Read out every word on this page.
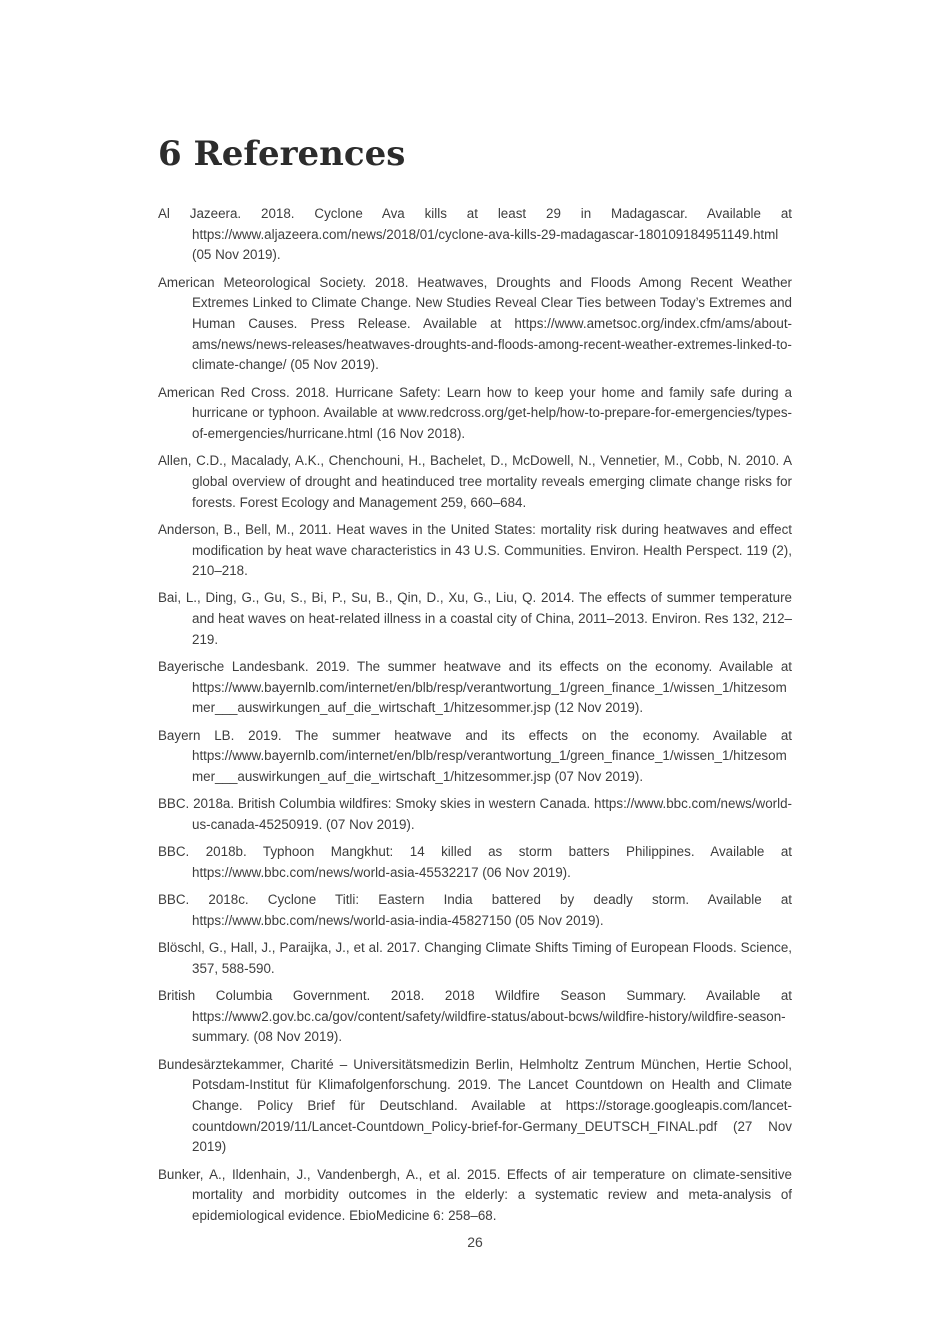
6 References
Al Jazeera. 2018. Cyclone Ava kills at least 29 in Madagascar. Available at https://www.aljazeera.com/news/2018/01/cyclone-ava-kills-29-madagascar-180109184951149.html (05 Nov 2019).
American Meteorological Society. 2018. Heatwaves, Droughts and Floods Among Recent Weather Extremes Linked to Climate Change. New Studies Reveal Clear Ties between Today’s Extremes and Human Causes. Press Release. Available at https://www.ametsoc.org/index.cfm/ams/about-ams/news/news-releases/heatwaves-droughts-and-floods-among-recent-weather-extremes-linked-to-climate-change/ (05 Nov 2019).
American Red Cross. 2018. Hurricane Safety: Learn how to keep your home and family safe during a hurricane or typhoon. Available at www.redcross.org/get-help/how-to-prepare-for-emergencies/types-of-emergencies/hurricane.html (16 Nov 2018).
Allen, C.D., Macalady, A.K., Chenchouni, H., Bachelet, D., McDowell, N., Vennetier, M., Cobb, N. 2010. A global overview of drought and heatinduced tree mortality reveals emerging climate change risks for forests. Forest Ecology and Management 259, 660–684.
Anderson, B., Bell, M., 2011. Heat waves in the United States: mortality risk during heatwaves and effect modification by heat wave characteristics in 43 U.S. Communities. Environ. Health Perspect. 119 (2), 210–218.
Bai, L., Ding, G., Gu, S., Bi, P., Su, B., Qin, D., Xu, G., Liu, Q. 2014. The effects of summer temperature and heat waves on heat-related illness in a coastal city of China, 2011–2013. Environ. Res 132, 212–219.
Bayerische Landesbank. 2019. The summer heatwave and its effects on the economy. Available at https://www.bayernlb.com/internet/en/blb/resp/verantwortung_1/green_finance_1/wissen_1/hitzesommer___auswirkungen_auf_die_wirtschaft_1/hitzesommer.jsp (12 Nov 2019).
Bayern LB. 2019. The summer heatwave and its effects on the economy. Available at https://www.bayernlb.com/internet/en/blb/resp/verantwortung_1/green_finance_1/wissen_1/hitzesommer___auswirkungen_auf_die_wirtschaft_1/hitzesommer.jsp (07 Nov 2019).
BBC. 2018a. British Columbia wildfires: Smoky skies in western Canada. https://www.bbc.com/news/world-us-canada-45250919. (07 Nov 2019).
BBC. 2018b. Typhoon Mangkhut: 14 killed as storm batters Philippines. Available at https://www.bbc.com/news/world-asia-45532217 (06 Nov 2019).
BBC. 2018c. Cyclone Titli: Eastern India battered by deadly storm. Available at https://www.bbc.com/news/world-asia-india-45827150 (05 Nov 2019).
Blöschl, G., Hall, J., Paraijka, J., et al. 2017. Changing Climate Shifts Timing of European Floods. Science, 357, 588-590.
British Columbia Government. 2018. 2018 Wildfire Season Summary. Available at https://www2.gov.bc.ca/gov/content/safety/wildfire-status/about-bcws/wildfire-history/wildfire-season-summary. (08 Nov 2019).
Bundesärztekammer, Charité – Universitätsmedizin Berlin, Helmholtz Zentrum München, Hertie School, Potsdam-Institut für Klimafolgenforschung. 2019. The Lancet Countdown on Health and Climate Change. Policy Brief für Deutschland. Available at https://storage.googleapis.com/lancet-countdown/2019/11/Lancet-Countdown_Policy-brief-for-Germany_DEUTSCH_FINAL.pdf (27 Nov 2019)
Bunker, A., Ildenhain, J., Vandenbergh, A., et al. 2015. Effects of air temperature on climate-sensitive mortality and morbidity outcomes in the elderly: a systematic review and meta-analysis of epidemiological evidence. EbioMedicine 6: 258–68.
26
